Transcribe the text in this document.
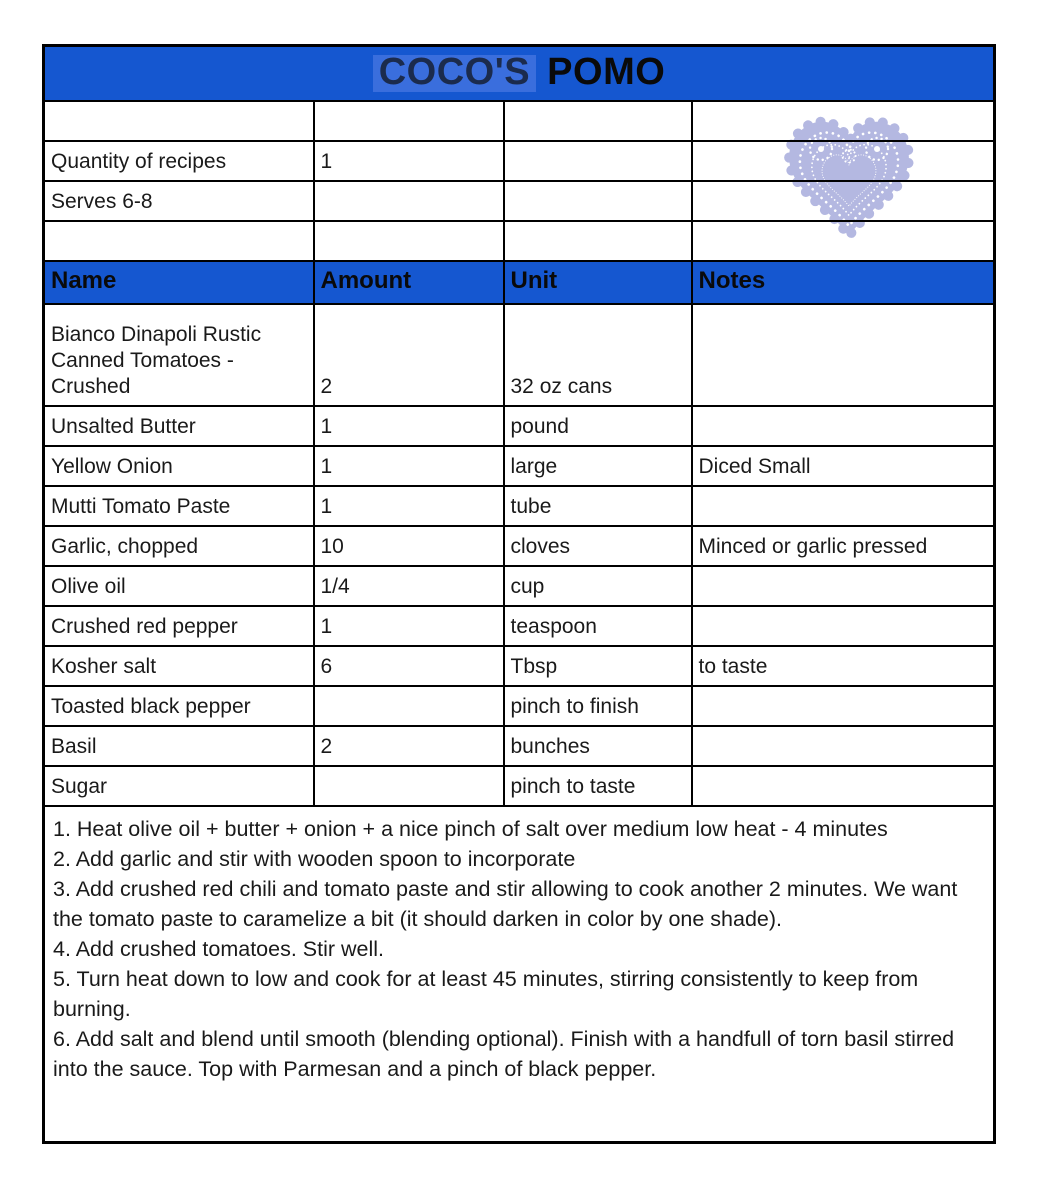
COCO'S POMO			

Quantity of recipes	1		
Serves 6-8			

Name	Amount	Unit	Notes
Bianco Dinapoli Rustic Canned Tomatoes - Crushed	2	32 oz cans	
Unsalted Butter	1	pound	
Yellow Onion	1	large	Diced Small
Mutti Tomato Paste	1	tube	
Garlic, chopped	10	cloves	Minced or garlic pressed
Olive oil	1/4	cup	
Crushed red pepper	1	teaspoon	
Kosher salt	6	Tbsp	to taste
Toasted black pepper		pinch to finish	
Basil	2	bunches	
Sugar		pinch to taste	

1. Heat olive oil + butter + onion + a nice pinch of salt over medium low heat - 4 minutes
2. Add garlic and stir with wooden spoon to incorporate
3. Add crushed red chili and tomato paste and stir allowing to cook another 2 minutes. We want the tomato paste to caramelize a bit (it should darken in color by one shade).
4. Add crushed tomatoes. Stir well.
5. Turn heat down to low and cook for at least 45 minutes, stirring consistently to keep from burning.
6. Add salt and blend until smooth (blending optional). Finish with a handfull of torn basil stirred into the sauce. Top with Parmesan and a pinch of black pepper.
